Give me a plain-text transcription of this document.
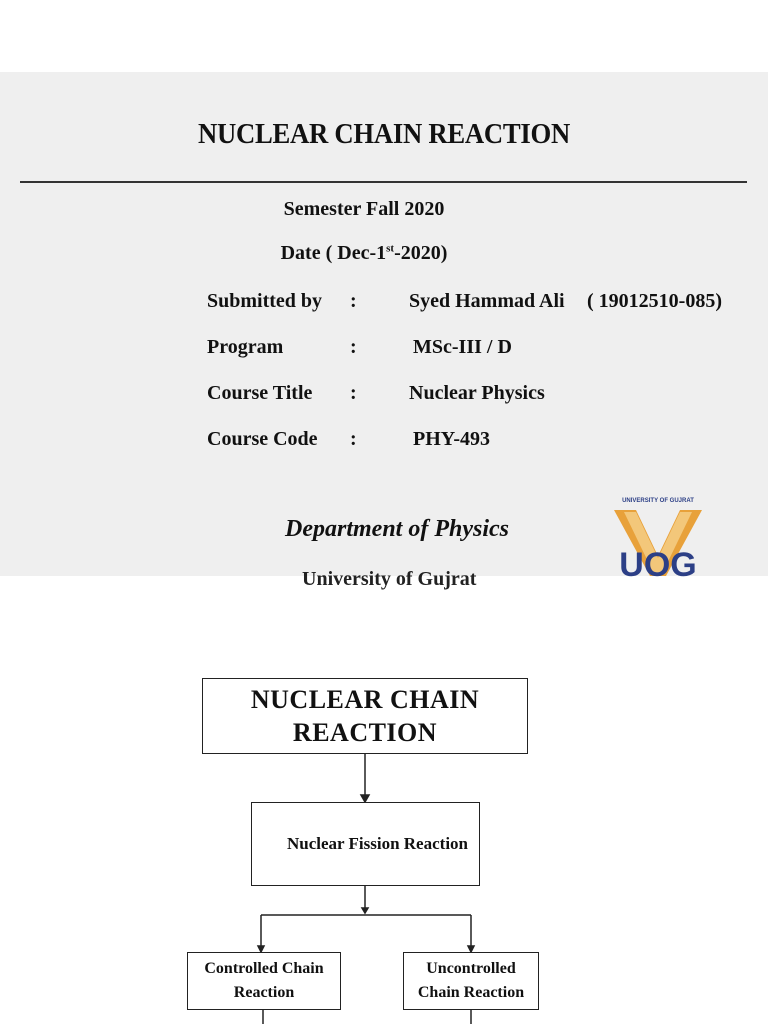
NUCLEAR CHAIN REACTION
Semester Fall 2020
Date ( Dec-1st-2020)
Submitted by :	Syed Hammad Ali ( 19012510-085)
Program	:	MSc-III / D
Course Title :	Nuclear Physics
Course Code :	PHY-493
Department of Physics
University of Gujrat
UNIVERSITY OF GUJRAT
UOG
NUCLEAR CHAIN
REACTION
Nuclear Fission Reaction
Controlled Chain
Reaction
Uncontrolled
Chain Reaction
